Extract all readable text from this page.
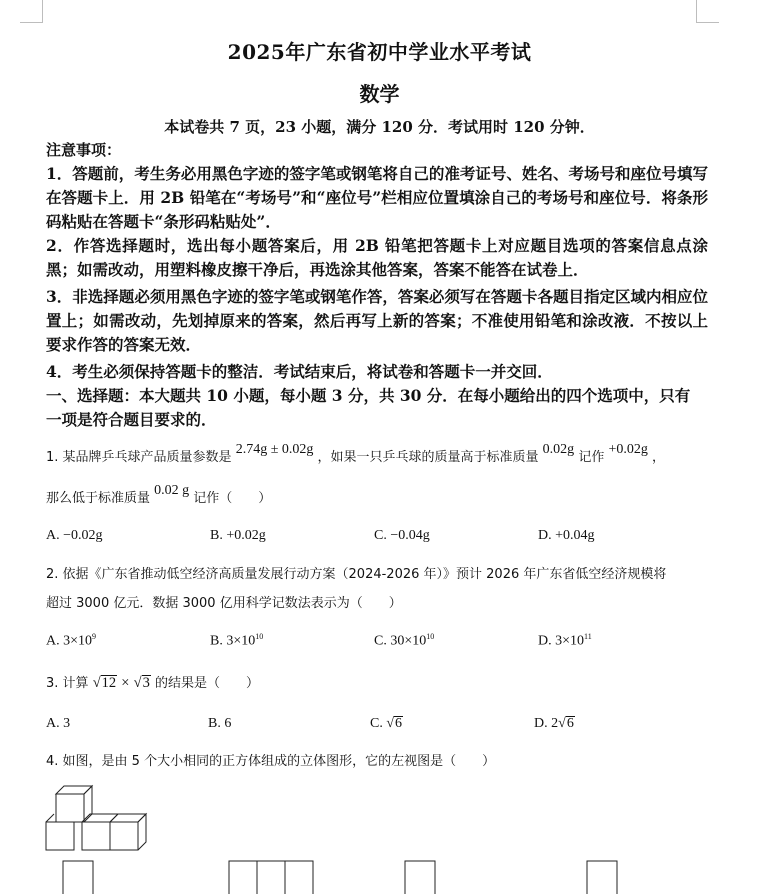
2025年广东省初中学业水平考试
数学
本试卷共 7 页，23 小题，满分 120 分．考试用时 120 分钟．
注意事项：
1．答题前，考生务必用黑色字迹的签字笔或钢笔将自己的准考证号、姓名、考场号和座位号填写在答题卡上．用 2B 铅笔在“考场号”和“座位号”栏相应位置填涂自己的考场号和座位号．将条形码粘贴在答题卡“条形码粘贴处”．
2．作答选择题时，选出每小题答案后，用 2B 铅笔把答题卡上对应题目选项的答案信息点涂黑；如需改动，用塑料橡皮擦干净后，再选涂其他答案，答案不能答在试卷上．
3．非选择题必须用黑色字迹的签字笔或钢笔作答，答案必须写在答题卡各题目指定区域内相应位置上；如需改动，先划掉原来的答案，然后再写上新的答案；不准使用铅笔和涂改液．不按以上要求作答的答案无效．
4．考生必须保持答题卡的整洁．考试结束后，将试卷和答题卡一并交回．
一、选择题：本大题共 10 小题，每小题 3 分，共 30 分．在每小题给出的四个选项中，只有
一项是符合题目要求的．
1. 某品牌乒乓球产品质量参数是 2.74g ± 0.02g ，如果一只乒乓球的质量高于标准质量 0.02g 记作 +0.02g ，
那么低于标准质量 0.02 g 记作（　　）
A. −0.02g	B. +0.02g	C. −0.04g	D. +0.04g
2. 依据《广东省推动低空经济高质量发展行动方案（2024-2026 年）》预计 2026 年广东省低空经济规模将
超过 3000 亿元．数据 3000 亿用科学记数法表示为（　　）
A. $3\times 10^9$	B. $3\times 10^{10}$	C. $30\times 10^{10}$	D. $3\times 10^{11}$
3. 计算 √12 × √3 的结果是（　　）
A. 3	B. 6	C. √6	D. 2√6
4. 如图，是由 5 个大小相同的正方体组成的立体图形，它的左视图是（　　）
